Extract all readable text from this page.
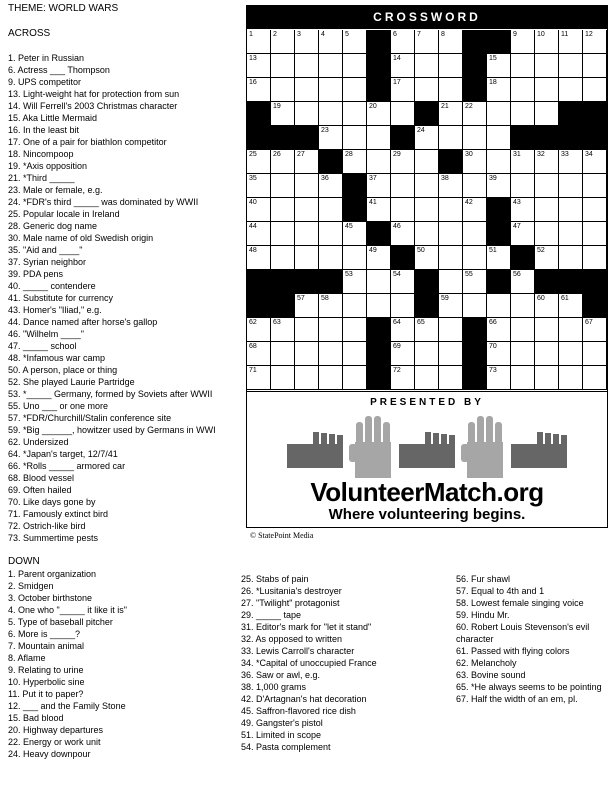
THEME: WORLD WARS
ACROSS
1. Peter in Russian
6. Actress ___ Thompson
9. UPS competitor
13. Light-weight hat for protection from sun
14. Will Ferrell's 2003 Christmas character
15. Aka Little Mermaid
16. In the least bit
17. One of a pair for biathlon competitor
18. Nincompoop
19. *Axis opposition
21. *Third _____
23. Male or female, e.g.
24. *FDR's third _____ was dominated by WWII
25. Popular locale in Ireland
28. Generic dog name
30. Male name of old Swedish origin
35. "Aid and ____"
37. Syrian neighbor
39. PDA pens
40. _____ contendere
41. Substitute for currency
43. Homer's "Iliad," e.g.
44. Dance named after horse's gallop
46. "Wilhelm ____"
47. _____ school
48. *Infamous war camp
50. A person, place or thing
52. She played Laurie Partridge
53. *_____ Germany, formed by Soviets after WWII
55. Uno ___ or one more
57. *FDR/Churchill/Stalin conference site
59. *Big ______, howitzer used by Germans in WWI
62. Undersized
64. *Japan's target, 12/7/41
66. *Rolls _____ armored car
68. Blood vessel
69. Often hailed
70. Like days gone by
71. Famously extinct bird
72. Ostrich-like bird
73. Summertime pests
CROSSWORD
1	2	3	4	5	6	7	8	9	10 11 12
13	14	15
16	17	18
19	20	21 22
23	24
25 26 27	28	29	30	31 32 33 34
35	36	37	38	39
40	41	42	43
44	45	46	47
48	49	50	51	52
53	54	55	56
57 58	59	60 61
62 63	64 65	66	67
68	69	70
71	72	73
PRESENTED BY
VolunteerMatch.org
Where volunteering begins.
© StatePoint Media
DOWN
1. Parent organization
2. Smidgen
3. October birthstone
4. One who "_____ it like it is"
5. Type of baseball pitcher
6. More is _____?
7. Mountain animal
8. Aflame
9. Relating to urine
10. Hyperbolic sine
11. Put it to paper?
12. ___ and the Family Stone
15. Bad blood
20. Highway departures
22. Energy or work unit
24. Heavy downpour
25. Stabs of pain
26. *Lusitania's destroyer
27. "Twilight" protagonist
29. _____ tape
31. Editor's mark for "let it stand"
32. As opposed to written
33. Lewis Carroll's character
34. *Capital of unoccupied France
36. Saw or awl, e.g.
38. 1,000 grams
42. D'Artagnan's hat decoration
45. Saffron-flavored rice dish
49. Gangster's pistol
51. Limited in scope
54. Pasta complement
56. Fur shawl
57. Equal to 4th and 1
58. Lowest female singing voice
59. Hindu Mr.
60. Robert Louis Stevenson's evil character
61. Passed with flying colors
62. Melancholy
63. Bovine sound
65. *He always seems to be pointing
67. Half the width of an em, pl.
